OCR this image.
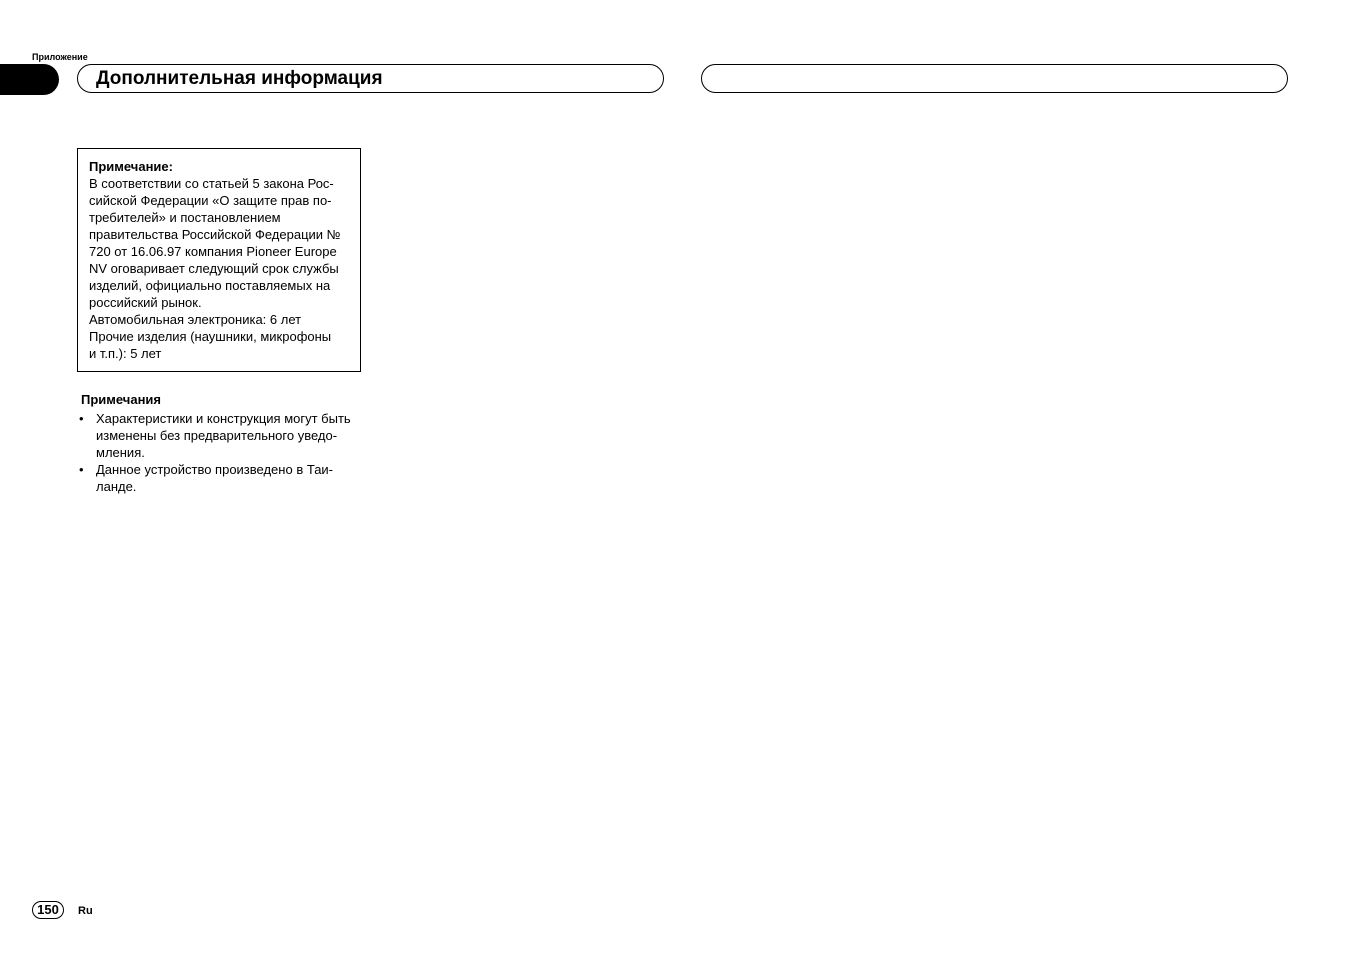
Приложение
Дополнительная информация
Примечание:
В соответствии со статьей 5 закона Рос-
сийской Федерации «О защите прав по-
требителей» и постановлением
правительства Российской Федерации №
720 от 16.06.97 компания Pioneer Europe
NV оговаривает следующий срок службы
изделий, официально поставляемых на
российский рынок.
Автомобильная электроника: 6 лет
Прочие изделия (наушники, микрофоны
и т.п.): 5 лет
Примечания
• Характеристики и конструкция могут быть
изменены без предварительного уведо-
мления.
• Данное устройство произведено в Таи-
ланде.
150	Ru
